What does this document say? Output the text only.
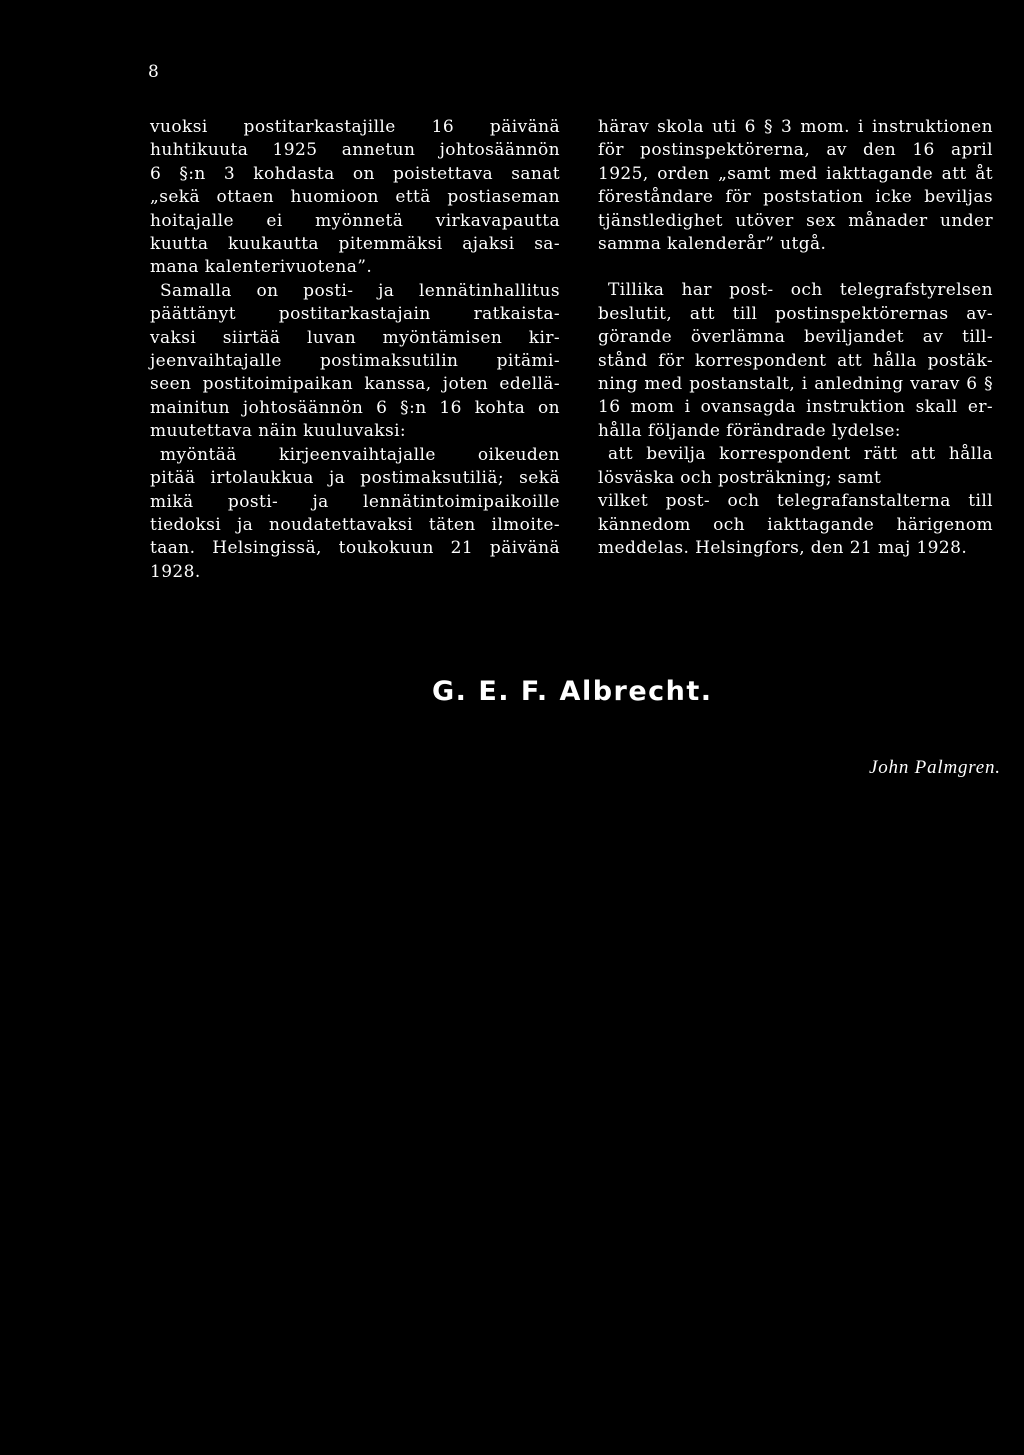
8
vuoksi postitarkastajille 16 päivänä
huhtikuuta 1925 annetun johtosäännön
6 §:n 3 kohdasta on poistettava sanat
„sekä ottaen huomioon että postiaseman
hoitajalle ei myönnetä virkavapautta
kuutta kuukautta pitemmäksi ajaksi sa-
mana kalenterivuotena”.
Samalla on posti- ja lennätinhallitus
päättänyt postitarkastajain ratkaista-
vaksi siirtää luvan myöntämisen kir-
jeenvaihtajalle postimaksutilin pitämi-
seen postitoimipaikan kanssa, joten edellä-
mainitun johtosäännön 6 §:n 16 kohta on
muutettava näin kuuluvaksi:
myöntää kirjeenvaihtajalle oikeuden
pitää irtolaukkua ja postimaksutiliä; sekä
mikä posti- ja lennätintoimipaikoille
tiedoksi ja noudatettavaksi täten ilmoite-
taan. Helsingissä, toukokuun 21 päivänä
1928.
härav skola uti 6 § 3 mom. i instruktionen
för postinspektörerna, av den 16 april
1925, orden „samt med iakttagande att åt
föreståndare för poststation icke beviljas
tjänstledighet utöver sex månader under
samma kalenderår” utgå.
Tillika har post- och telegrafstyrelsen
beslutit, att till postinspektörernas av-
görande överlämna beviljandet av till-
stånd för korrespondent att hålla postäk-
ning med postanstalt, i anledning varav 6 §
16 mom i ovansagda instruktion skall er-
hålla följande förändrade lydelse:
att bevilja korrespondent rätt att hålla
lösväska och posträkning; samt
vilket post- och telegrafanstalterna till
kännedom och iakttagande härigenom
meddelas. Helsingfors, den 21 maj 1928.
G. E. F. Albrecht.
John Palmgren.
